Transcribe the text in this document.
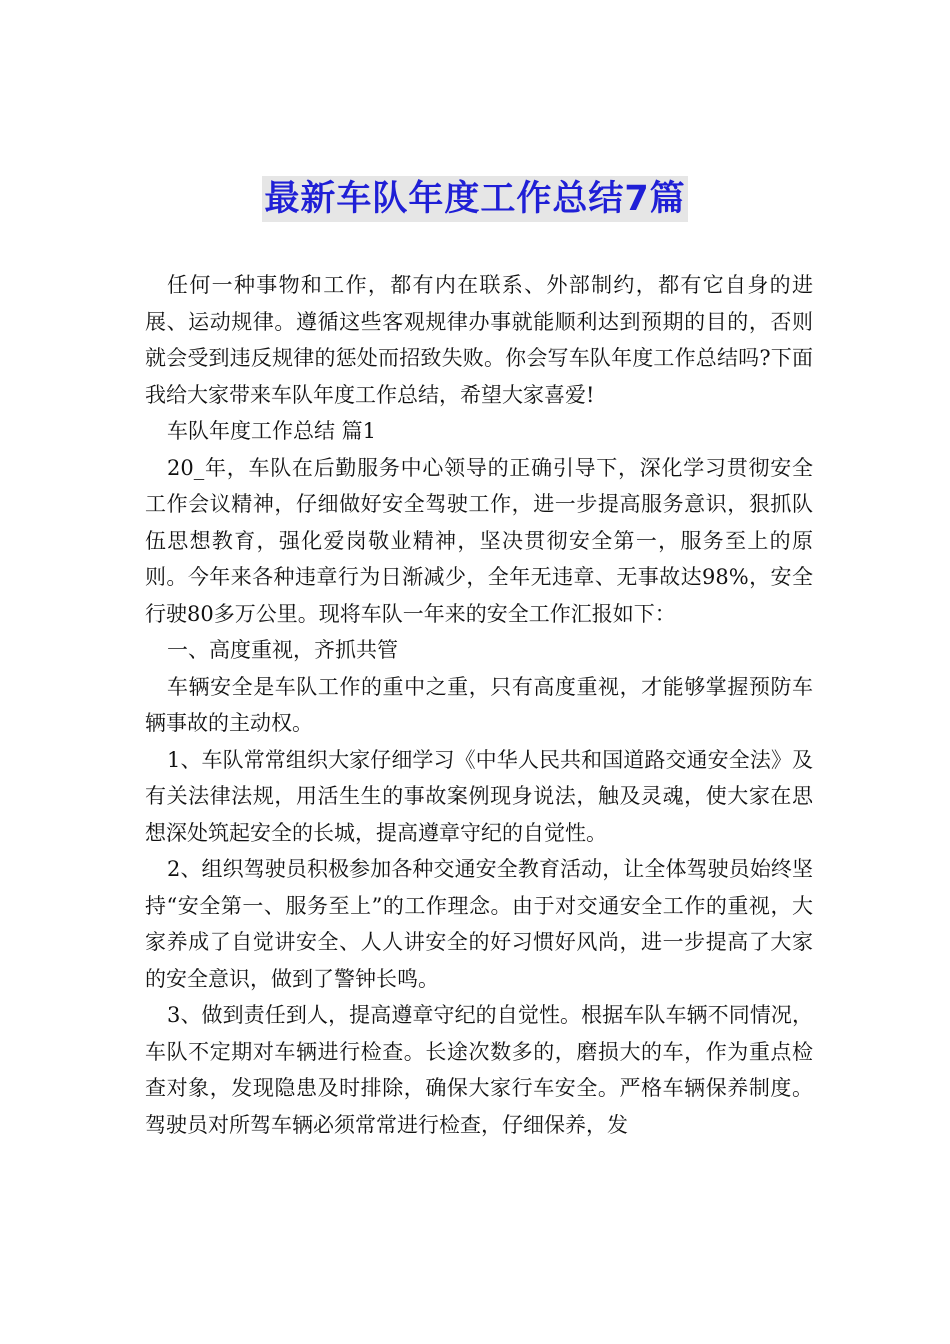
最新车队年度工作总结7篇

任何一种事物和工作，都有内在联系、外部制约，都有它自身的进展、运动规律。遵循这些客观规律办事就能顺利达到预期的目的，否则就会受到违反规律的惩处而招致失败。你会写车队年度工作总结吗?下面我给大家带来车队年度工作总结，希望大家喜爱!

车队年度工作总结 篇1

20_年，车队在后勤服务中心领导的正确引导下，深化学习贯彻安全工作会议精神，仔细做好安全驾驶工作，进一步提高服务意识，狠抓队伍思想教育，强化爱岗敬业精神，坚决贯彻安全第一，服务至上的原则。今年来各种违章行为日渐减少，全年无违章、无事故达98%，安全行驶80多万公里。现将车队一年来的安全工作汇报如下：

一、高度重视，齐抓共管

车辆安全是车队工作的重中之重，只有高度重视，才能够掌握预防车辆事故的主动权。

1、车队常常组织大家仔细学习《中华人民共和国道路交通安全法》及有关法律法规，用活生生的事故案例现身说法，触及灵魂，使大家在思想深处筑起安全的长城，提高遵章守纪的自觉性。

2、组织驾驶员积极参加各种交通安全教育活动，让全体驾驶员始终坚持“安全第一、服务至上”的工作理念。由于对交通安全工作的重视，大家养成了自觉讲安全、人人讲安全的好习惯好风尚，进一步提高了大家的安全意识，做到了警钟长鸣。

3、做到责任到人，提高遵章守纪的自觉性。根据车队车辆不同情况，车队不定期对车辆进行检查。长途次数多的，磨损大的车，作为重点检查对象，发现隐患及时排除，确保大家行车安全。严格车辆保养制度。驾驶员对所驾车辆必须常常进行检查，仔细保养，发
